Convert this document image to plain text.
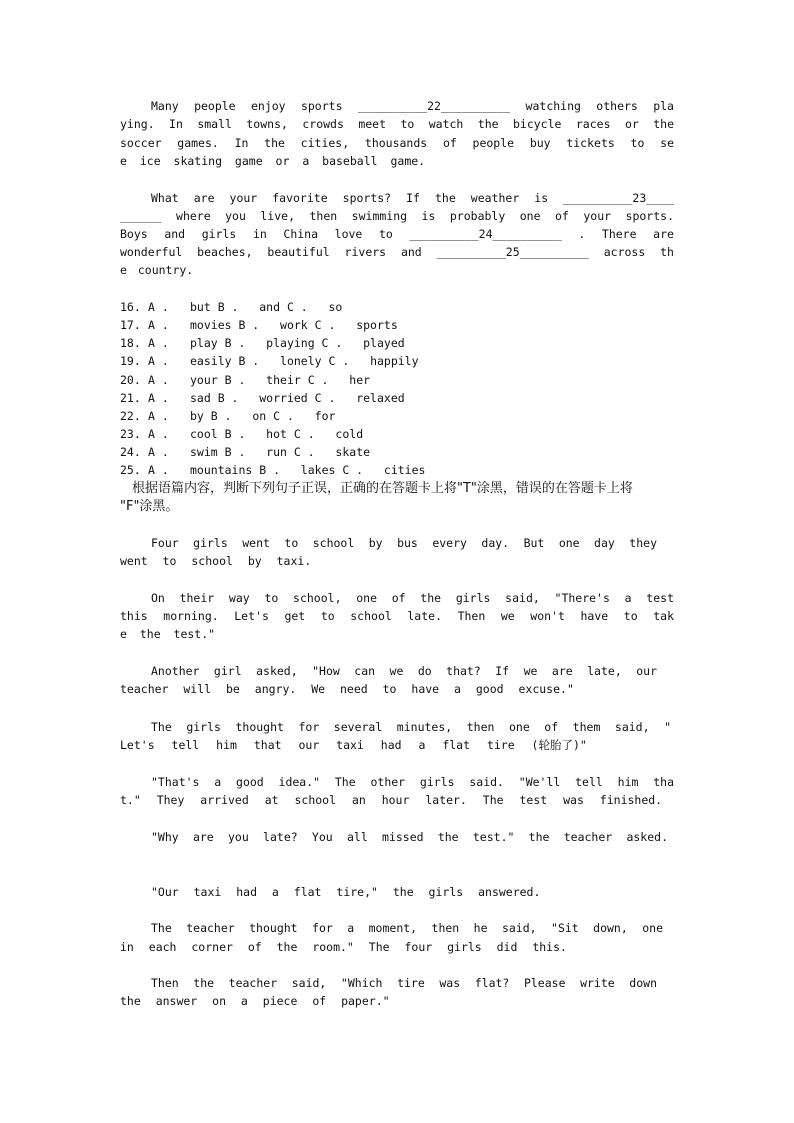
Many people enjoy sports __________22__________ watching others pla
ying. In small towns, crowds meet to watch the bicycle races or the
soccer games. In the cities, thousands of people buy tickets to se
e ice skating game or a baseball game.
What are your favorite sports? If the weather is __________23____
______ where you live, then swimming is probably one of your sports.
Boys and girls in China love to __________24__________ . There are
wonderful beaches, beautiful rivers and __________25__________ across th
e country.
16. A . but B . and C . so
17. A . movies B . work C . sports
18. A . play B . playing C . played
19. A . easily B . lonely C . happily
20. A . your B . their C . her
21. A . sad B . worried C . relaxed
22. A . by B . on C . for
23. A . cool B . hot C . cold
24. A . swim B . run C . skate
25. A . mountains B . lakes C . cities
根据语篇内容，判断下列句子正误，正确的在答题卡上将"T"涂黑，错误的在答题卡上将
"F"涂黑。
Four girls went to school by bus every day. But one day they
went to school by taxi.
On their way to school, one of the girls said, "There's a test
this morning. Let's get to school late. Then we won't have to tak
e the test."
Another girl asked, "How can we do that? If we are late, our
teacher will be angry. We need to have a good excuse."
The girls thought for several minutes, then one of them said, "
Let's tell him that our taxi had a flat tire (轮胎了)"
"That's a good idea." The other girls said. "We'll tell him tha
t." They arrived at school an hour later. The test was finished.
"Why are you late? You all missed the test." the teacher asked.
"Our taxi had a flat tire," the girls answered.
The teacher thought for a moment, then he said, "Sit down, one
in each corner of the room." The four girls did this.
Then the teacher said, "Which tire was flat? Please write down
the answer on a piece of paper."
